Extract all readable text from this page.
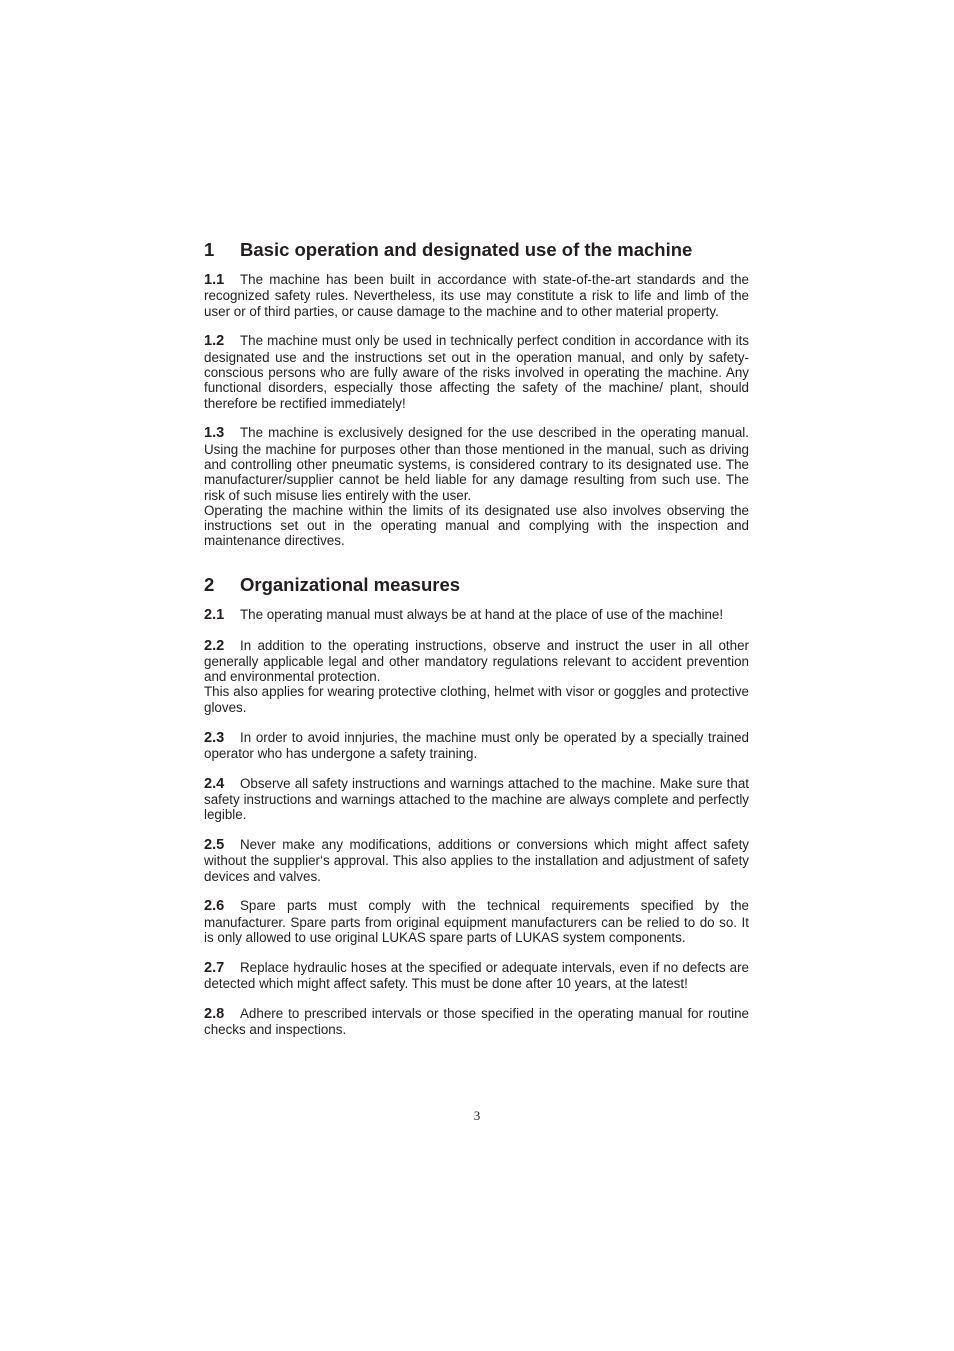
1	Basic operation and designated use of the machine

1.1 The machine has been built in accordance with state-of-the-art standards and the recognized safety rules. Nevertheless, its use may constitute a risk to life and limb of the user or of third parties, or cause damage to the machine and to other material property.

1.2 The machine must only be used in technically perfect condition in accordance with its designated use and the instructions set out in the operation manual, and only by safety-conscious persons who are fully aware of the risks involved in operating the machine. Any functional disorders, especially those affecting the safety of the machine/ plant, should therefore be rectified immediately!

1.3 The machine is exclusively designed for the use described in the operating manual. Using the machine for purposes other than those mentioned in the manual, such as driving and controlling other pneumatic systems, is considered contrary to its designated use. The manufacturer/supplier cannot be held liable for any damage resulting from such use. The risk of such misuse lies entirely with the user.
Operating the machine within the limits of its designated use also involves observing the instructions set out in the operating manual and complying with the inspection and maintenance directives.

2	Organizational measures

2.1 The operating manual must always be at hand at the place of use of the machine!

2.2 In addition to the operating instructions, observe and instruct the user in all other generally applicable legal and other mandatory regulations relevant to accident prevention and environmental protection.
This also applies for wearing protective clothing, helmet with visor or goggles and protective gloves.

2.3 In order to avoid innjuries, the machine must only be operated by a specially trained operator who has undergone a safety training.

2.4 Observe all safety instructions and warnings attached to the machine. Make sure that safety instructions and warnings attached to the machine are always complete and perfectly legible.

2.5 Never make any modifications, additions or conversions which might affect safety without the supplier‘s approval. This also applies to the installation and adjustment of safety devices and valves.

2.6 Spare parts must comply with the technical requirements specified by the manufacturer. Spare parts from original equipment manufacturers can be relied to do so. It is only allowed to use original LUKAS spare parts of LUKAS system components.

2.7 Replace hydraulic hoses at the specified or adequate intervals, even if no defects are detected which might affect safety. This must be done after 10 years, at the latest!

2.8 Adhere to prescribed intervals or those specified in the operating manual for routine checks and inspections.

3
